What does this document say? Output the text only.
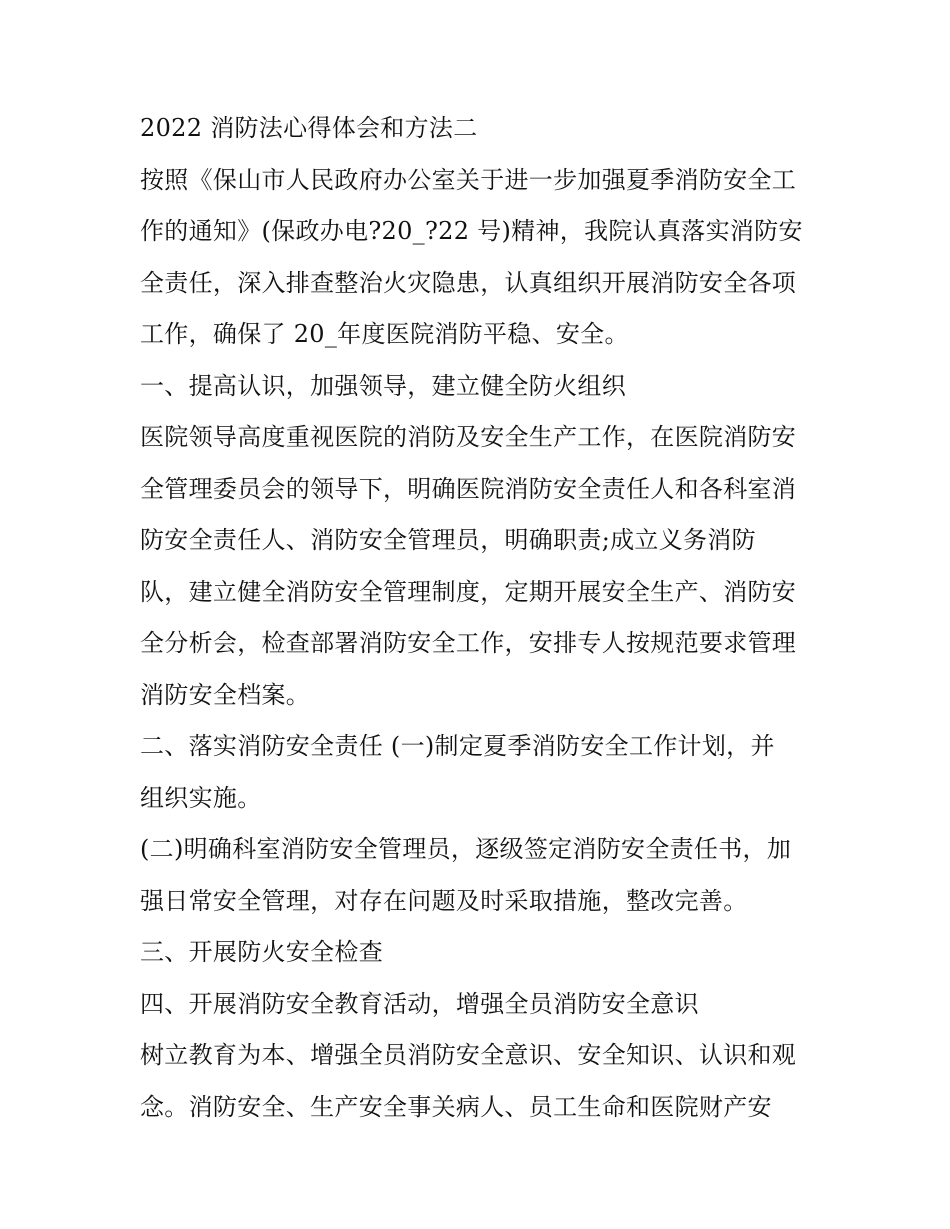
2022 消防法心得体会和方法二
按照《保山市人民政府办公室关于进一步加强夏季消防安全工
作的通知》(保政办电?20_?22 号)精神，我院认真落实消防安
全责任，深入排查整治火灾隐患，认真组织开展消防安全各项
工作，确保了 20_年度医院消防平稳、安全。
一、提高认识，加强领导，建立健全防火组织
医院领导高度重视医院的消防及安全生产工作，在医院消防安
全管理委员会的领导下，明确医院消防安全责任人和各科室消
防安全责任人、消防安全管理员，明确职责;成立义务消防
队，建立健全消防安全管理制度，定期开展安全生产、消防安
全分析会，检查部署消防安全工作，安排专人按规范要求管理
消防安全档案。
二、落实消防安全责任 (一)制定夏季消防安全工作计划，并
组织实施。
(二)明确科室消防安全管理员，逐级签定消防安全责任书，加
强日常安全管理，对存在问题及时采取措施，整改完善。
三、开展防火安全检查
四、开展消防安全教育活动，增强全员消防安全意识
树立教育为本、增强全员消防安全意识、安全知识、认识和观
念。消防安全、生产安全事关病人、员工生命和医院财产安
